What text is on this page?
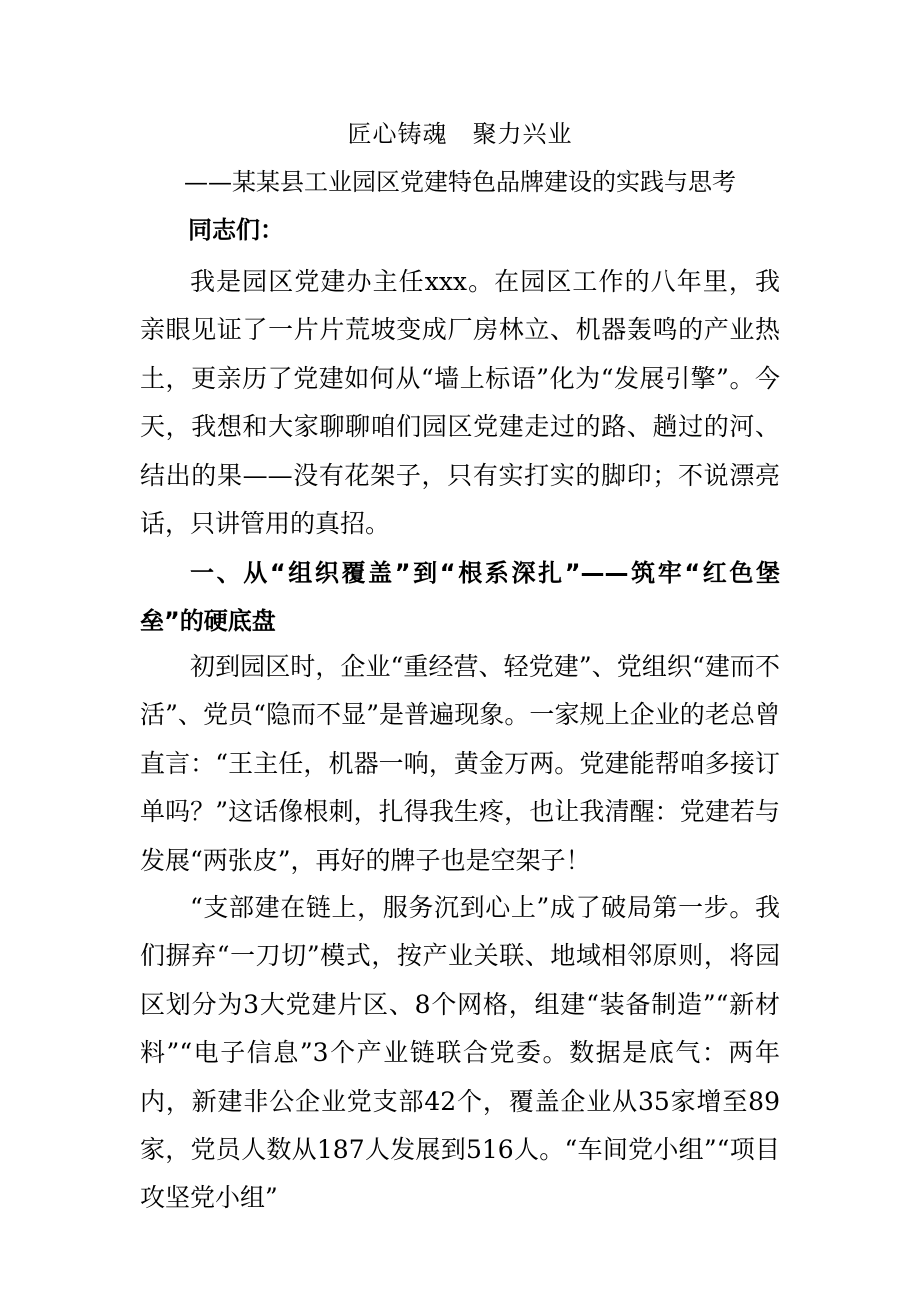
匠心铸魂　聚力兴业
——某某县工业园区党建特色品牌建设的实践与思考
同志们：

我是园区党建办主任xxx。在园区工作的八年里，我亲眼见证了一片片荒坡变成厂房林立、机器轰鸣的产业热土，更亲历了党建如何从“墙上标语”化为“发展引擎”。今天，我想和大家聊聊咱们园区党建走过的路、趟过的河、结出的果——没有花架子，只有实打实的脚印；不说漂亮话，只讲管用的真招。

一、从“组织覆盖”到“根系深扎”——筑牢“红色堡垒”的硬底盘

初到园区时，企业“重经营、轻党建”、党组织“建而不活”、党员“隐而不显”是普遍现象。一家规上企业的老总曾直言：“王主任，机器一响，黄金万两。党建能帮咱多接订单吗？”这话像根刺，扎得我生疼，也让我清醒：党建若与发展“两张皮”，再好的牌子也是空架子！

“支部建在链上，服务沉到心上”成了破局第一步。我们摒弃“一刀切”模式，按产业关联、地域相邻原则，将园区划分为3大党建片区、8个网格，组建“装备制造”“新材料”“电子信息”3个产业链联合党委。数据是底气：两年内，新建非公企业党支部42个，覆盖企业从35家增至89家，党员人数从187人发展到516人。“车间党小组”“项目攻坚党小组”
